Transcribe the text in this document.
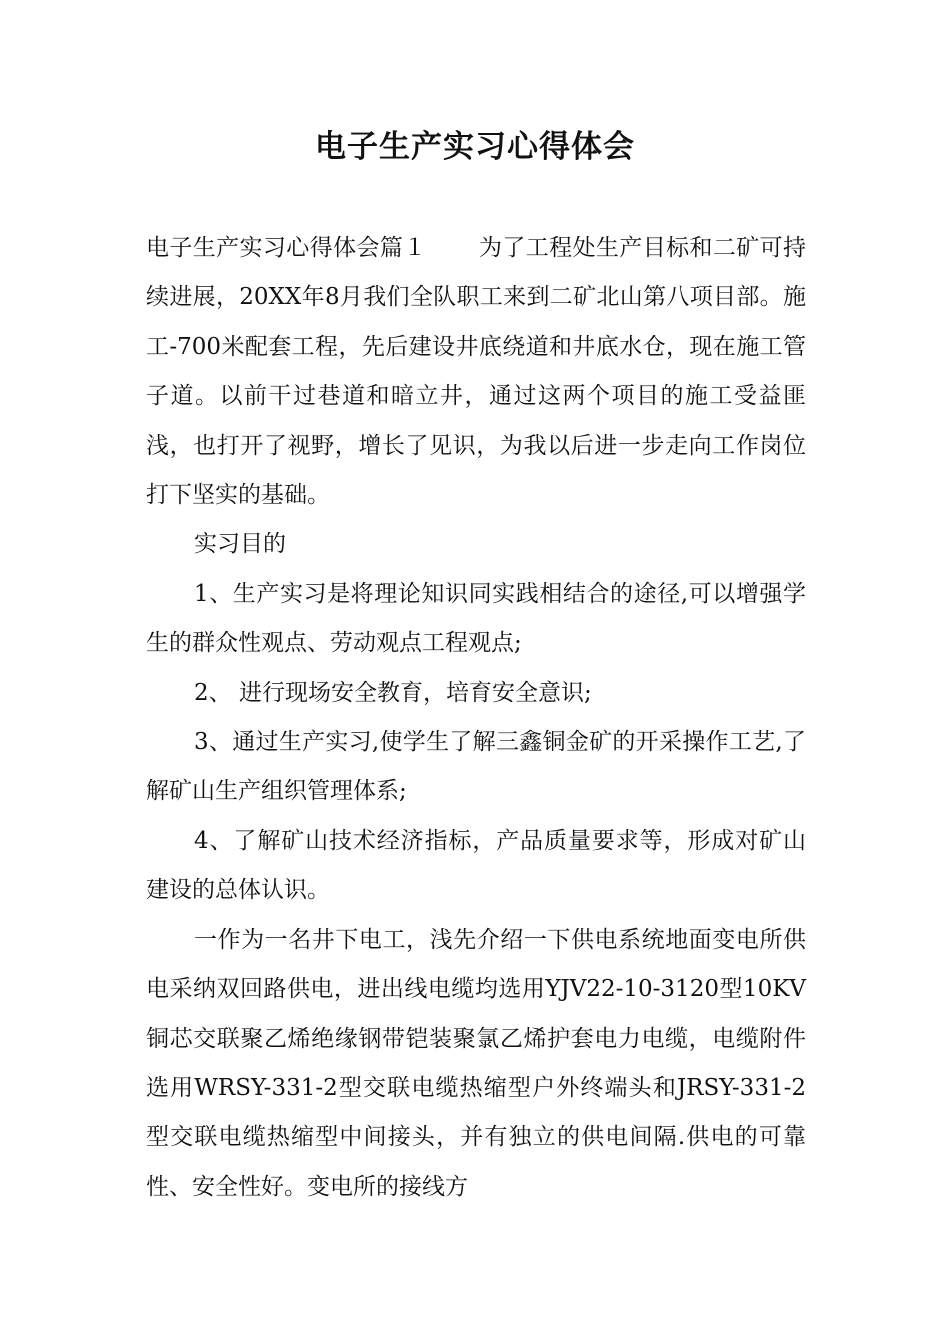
电子生产实习心得体会

电子生产实习心得体会篇１ 为了工程处生产目标和二矿可持续进展，20XX年8月我们全队职工来到二矿北山第八项目部。施工-700米配套工程，先后建设井底绕道和井底水仓，现在施工管子道。以前干过巷道和暗立井，通过这两个项目的施工受益匪浅，也打开了视野，增长了见识，为我以后进一步走向工作岗位打下坚实的基础。

实习目的

1、生产实习是将理论知识同实践相结合的途径,可以增强学生的群众性观点、劳动观点工程观点;

2、 进行现场安全教育，培育安全意识;

3、通过生产实习,使学生了解三鑫铜金矿的开采操作工艺,了解矿山生产组织管理体系;

4、了解矿山技术经济指标，产品质量要求等，形成对矿山建设的总体认识。

一作为一名井下电工，浅先介绍一下供电系统地面变电所供电采纳双回路供电，进出线电缆均选用YJV22-10-3120型10KV铜芯交联聚乙烯绝缘钢带铠装聚氯乙烯护套电力电缆，电缆附件选用WRSY-331-2型交联电缆热缩型户外终端头和JRSY-331-2型交联电缆热缩型中间接头，并有独立的供电间隔.供电的可靠性、安全性好。变电所的接线方
